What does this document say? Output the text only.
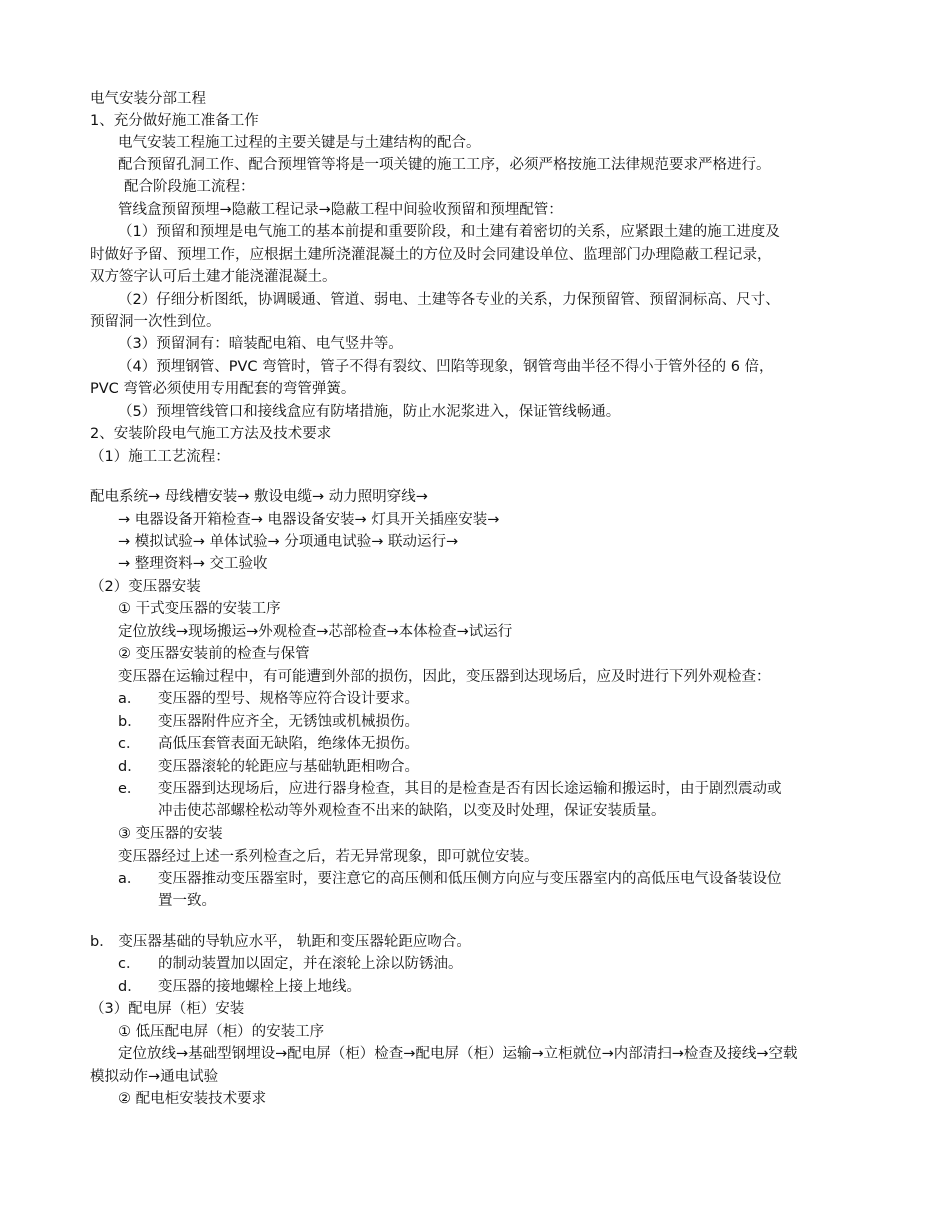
电气安装分部工程
1、充分做好施工准备工作
电气安装工程施工过程的主要关键是与土建结构的配合。
配合预留孔洞工作、配合预埋管等将是一项关键的施工工序，必须严格按施工法律规范要求严格进行。
配合阶段施工流程：
管线盒预留预埋→隐蔽工程记录→隐蔽工程中间验收预留和预埋配管：
（1）预留和预埋是电气施工的基本前提和重要阶段，和土建有着密切的关系，应紧跟土建的施工进度及
时做好予留、预埋工作，应根据土建所浇灌混凝土的方位及时会同建设单位、监理部门办理隐蔽工程记录，
双方签字认可后土建才能浇灌混凝土。
（2）仔细分析图纸，协调暖通、管道、弱电、土建等各专业的关系，力保预留管、预留洞标高、尺寸、
预留洞一次性到位。
（3）预留洞有：暗装配电箱、电气竖井等。
（4）预埋钢管、PVC 弯管时，管子不得有裂纹、凹陷等现象，钢管弯曲半径不得小于管外径的 6 倍，
PVC 弯管必须使用专用配套的弯管弹簧。
（5）预埋管线管口和接线盒应有防堵措施，防止水泥浆进入，保证管线畅通。
2、安装阶段电气施工方法及技术要求
（1）施工工艺流程：
配电系统→ 母线槽安装→ 敷设电缆→ 动力照明穿线→
→ 电器设备开箱检查→ 电器设备安装→ 灯具开关插座安装→
→ 模拟试验→ 单体试验→ 分项通电试验→ 联动运行→
→ 整理资料→ 交工验收
（2）变压器安装
① 干式变压器的安装工序
定位放线→现场搬运→外观检查→芯部检查→本体检查→试运行
② 变压器安装前的检查与保管
变压器在运输过程中，有可能遭到外部的损伤，因此，变压器到达现场后，应及时进行下列外观检查：
a．	变压器的型号、规格等应符合设计要求。
b．	变压器附件应齐全，无锈蚀或机械损伤。
c．	高低压套管表面无缺陷，绝缘体无损伤。
d．	变压器滚轮的轮距应与基础轨距相吻合。
e．	变压器到达现场后，应进行器身检查，其目的是检查是否有因长途运输和搬运时，由于剧烈震动或
冲击使芯部螺栓松动等外观检查不出来的缺陷，以变及时处理，保证安装质量。
③ 变压器的安装
变压器经过上述一系列检查之后，若无异常现象，即可就位安装。
a．	变压器推动变压器室时，要注意它的高压侧和低压侧方向应与变压器室内的高低压电气设备装设位
置一致。
b． 变压器基础的导轨应水平， 轨距和变压器轮距应吻合。
c．	的制动装置加以固定，并在滚轮上涂以防锈油。
d．	变压器的接地螺栓上接上地线。
（3）配电屏（柜）安装
① 低压配电屏（柜）的安装工序
定位放线→基础型钢埋设→配电屏（柜）检查→配电屏（柜）运输→立柜就位→内部清扫→检查及接线→空载
模拟动作→通电试验
② 配电柜安装技术要求
